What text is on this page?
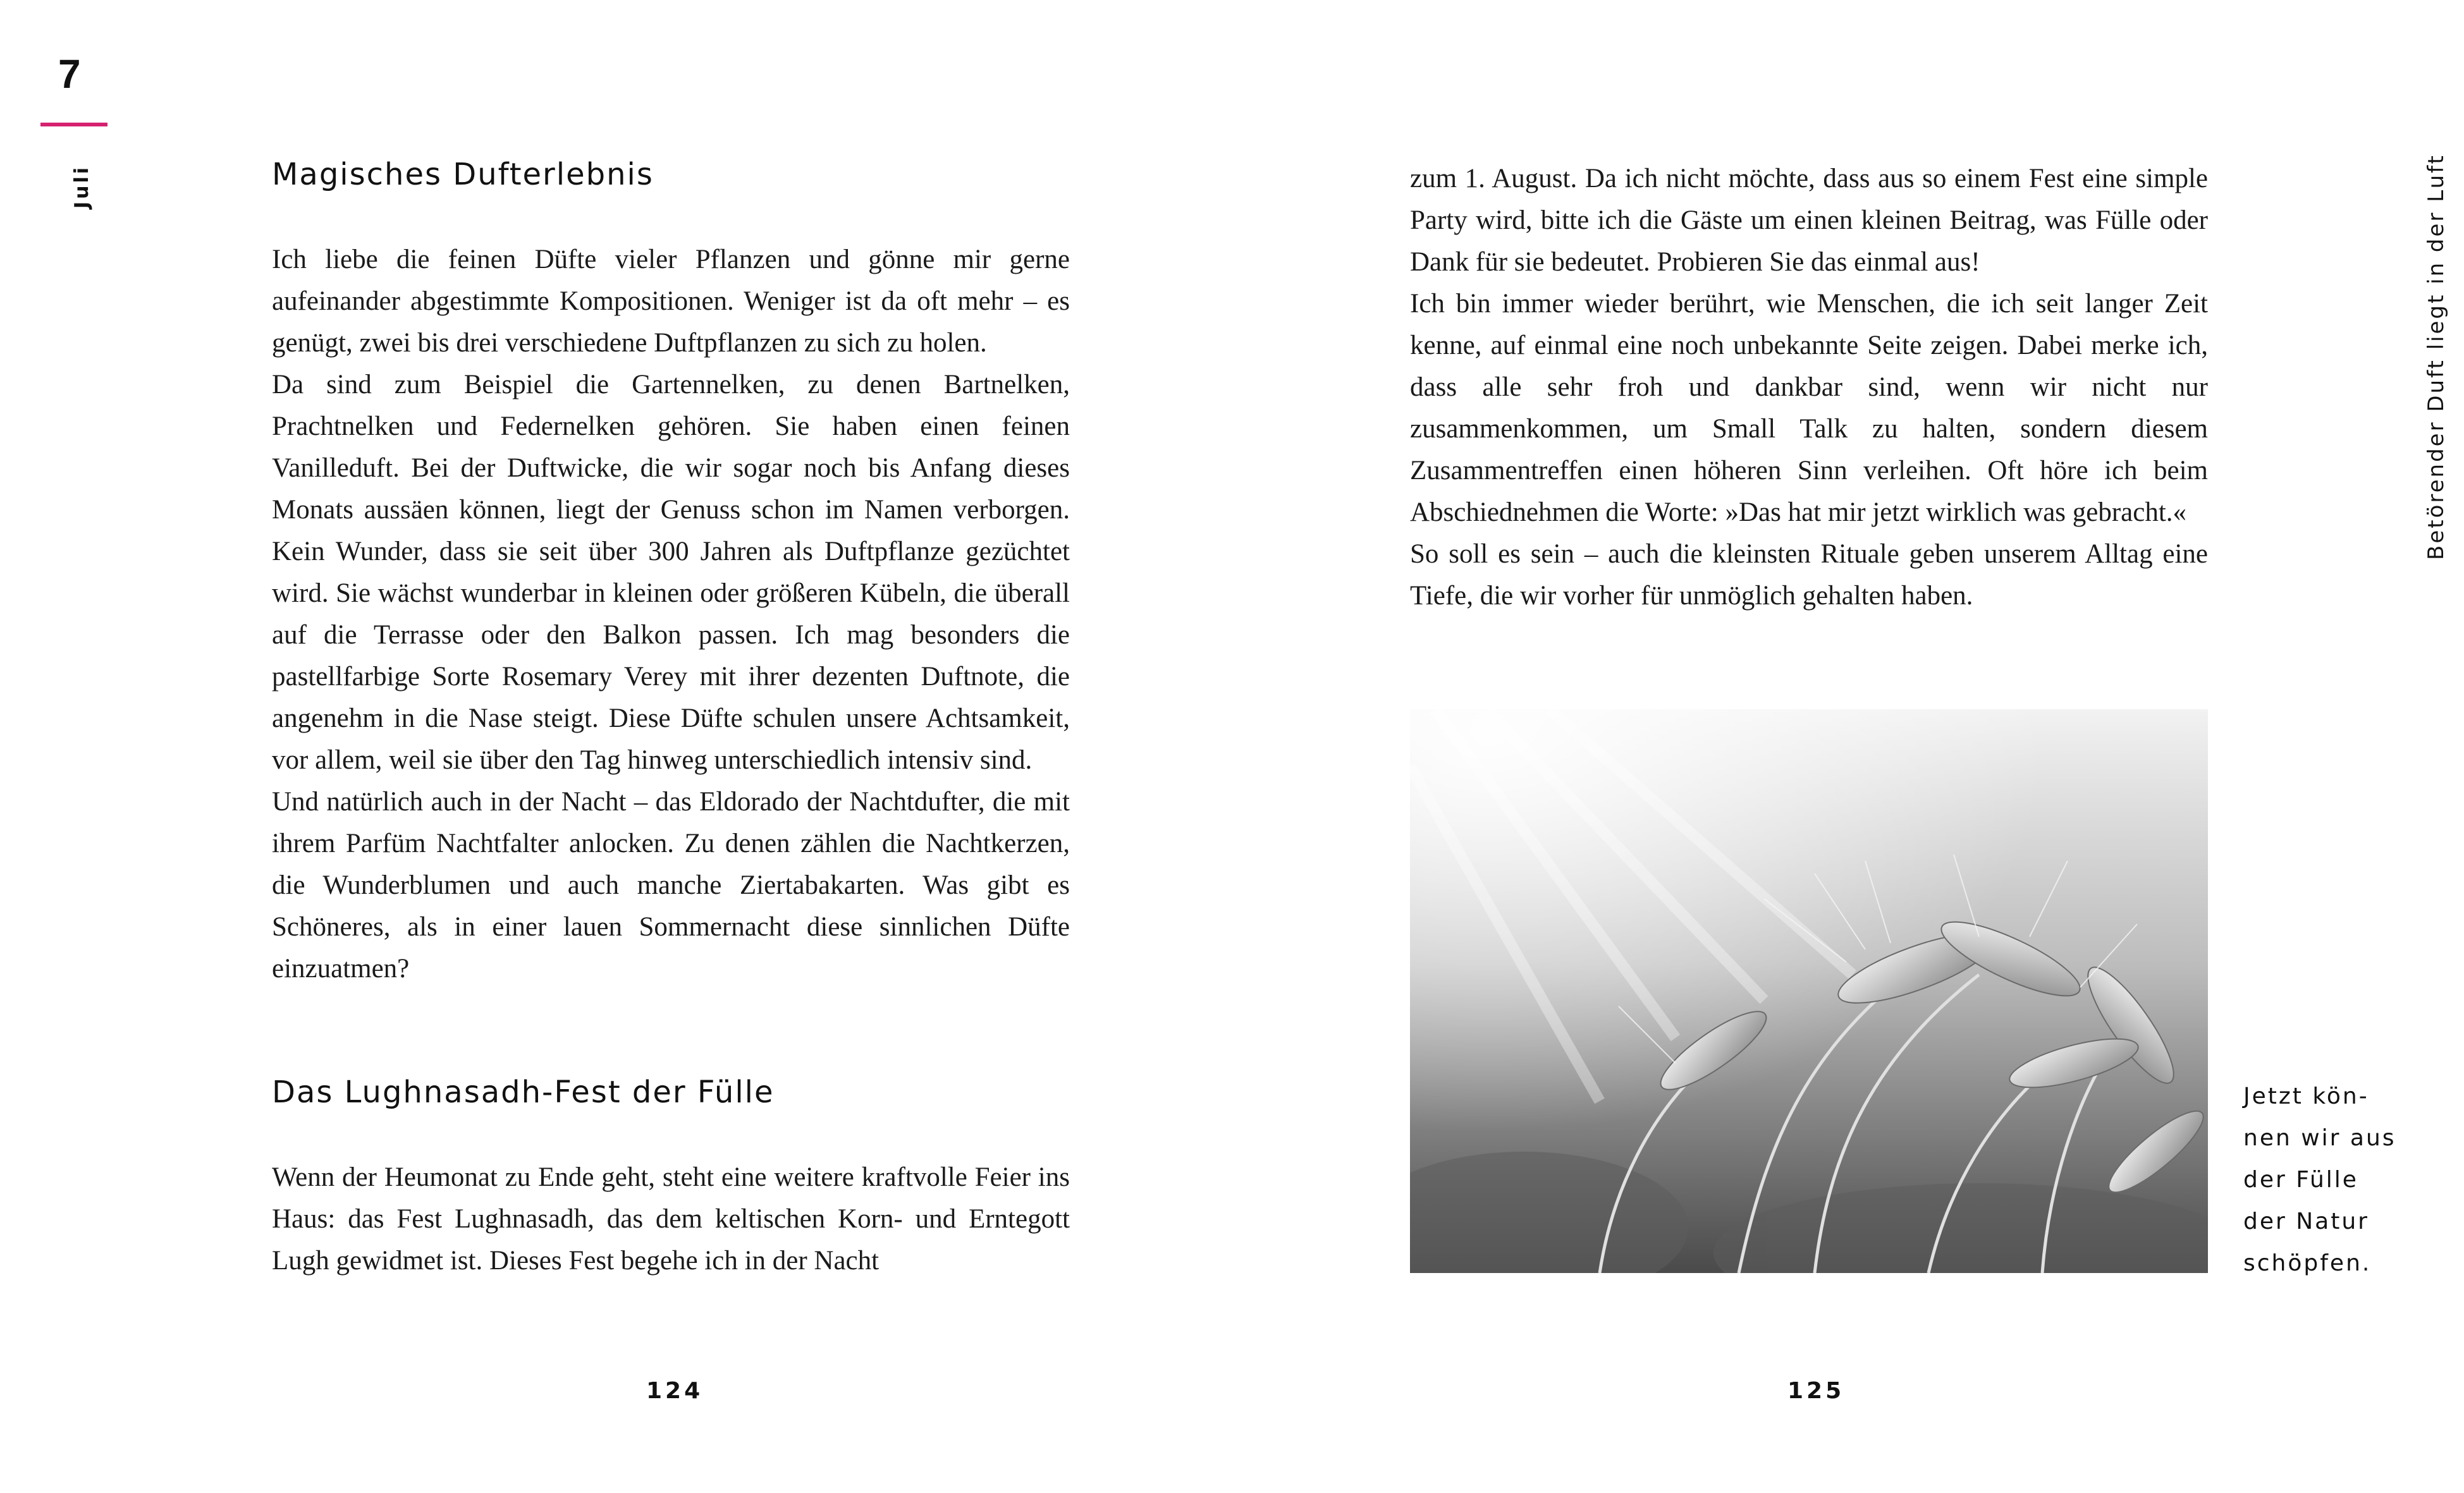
7
Juli	Magisches Dufterlebnis

Ich liebe die feinen Düfte vieler Pflanzen und gönne mir gerne aufeinander abgestimmte Kompositionen. Weniger ist da oft mehr – es genügt, zwei bis drei verschiedene Duftpflanzen zu sich zu holen.

Da sind zum Beispiel die Gartennelken, zu denen Bartnelken, Prachtnelken und Federnelken gehören. Sie haben einen feinen Vanilleduft. Bei der Duftwicke, die wir sogar noch bis Anfang dieses Monats aussäen können, liegt der Genuss schon im Namen verborgen. Kein Wunder, dass sie seit über 300 Jahren als Duftpflanze gezüchtet wird. Sie wächst wunderbar in kleinen oder größeren Kübeln, die überall auf die Terrasse oder den Balkon passen. Ich mag besonders die pastellfarbige Sorte Rosemary Verey mit ihrer dezenten Duftnote, die angenehm in die Nase steigt. Diese Düfte schulen unsere Achtsamkeit, vor allem, weil sie über den Tag hinweg unterschiedlich intensiv sind.

Und natürlich auch in der Nacht – das Eldorado der Nachtdufter, die mit ihrem Parfüm Nachtfalter anlocken. Zu denen zählen die Nachtkerzen, die Wunderblumen und auch manche Ziertabakarten. Was gibt es Schöneres, als in einer lauen Sommernacht diese sinnlichen Düfte einzuatmen?

Das Lughnasadh-Fest der Fülle

Wenn der Heumonat zu Ende geht, steht eine weitere kraftvolle Feier ins Haus: das Fest Lughnasadh, das dem keltischen Korn- und Erntegott Lugh gewidmet ist. Dieses Fest begehe ich in der Nacht

124

zum 1. August. Da ich nicht möchte, dass aus so einem Fest eine simple Party wird, bitte ich die Gäste um einen kleinen Beitrag, was Fülle oder Dank für sie bedeutet. Probieren Sie das einmal aus!

Ich bin immer wieder berührt, wie Menschen, die ich seit langer Zeit kenne, auf einmal eine noch unbekannte Seite zeigen. Dabei merke ich, dass alle sehr froh und dankbar sind, wenn wir nicht nur zusammenkommen, um Small Talk zu halten, sondern diesem Zusammentreffen einen höheren Sinn verleihen. Oft höre ich beim Abschiednehmen die Worte: »Das hat mir jetzt wirklich was gebracht.«

So soll es sein – auch die kleinsten Rituale geben unserem Alltag eine Tiefe, die wir vorher für unmöglich gehalten haben.

Jetzt kön-
nen wir aus
der Fülle
der Natur
schöpfen.
Betörender Duft liegt in der Luft
125
